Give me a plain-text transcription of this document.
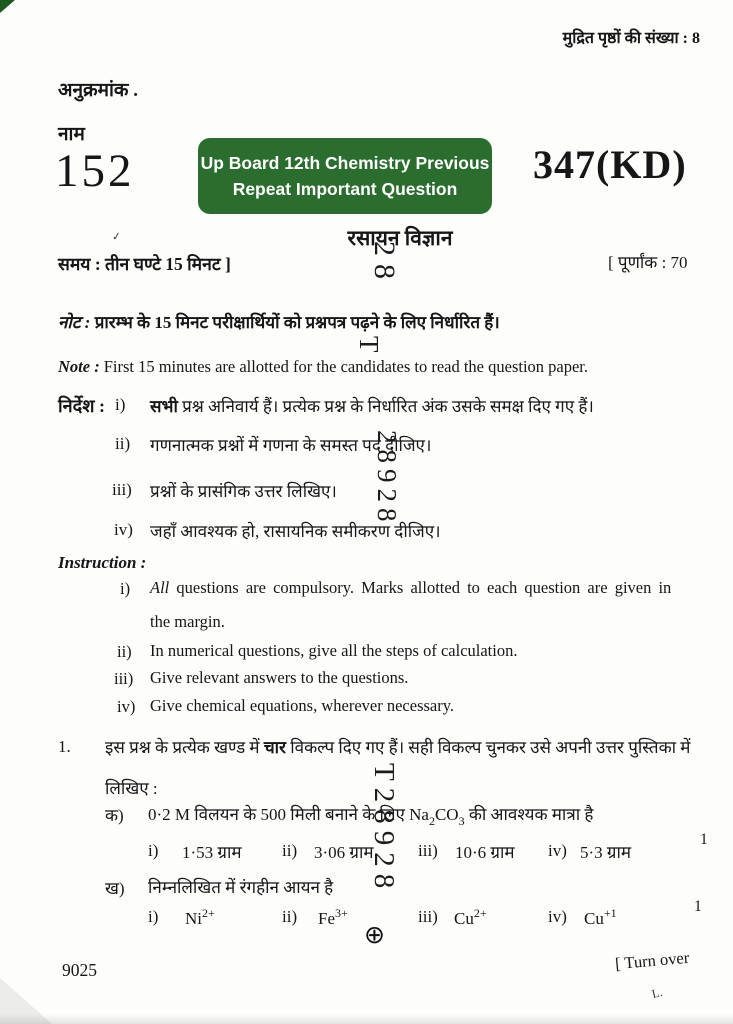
मुद्रित पृष्ठों की संख्या : 8
अनुक्रमांक .
नाम
152	Up Board 12th Chemistry Previous
Repeat Important Question
347(KD)
रसायन विज्ञान
समय : तीन घण्टे 15 मिनट ]	[ पूर्णांक : 70
नोट : प्रारम्भ के 15 मिनट परीक्षार्थियों को प्रश्नपत्र पढ़ने के लिए निर्धारित हैं।
Note : First 15 minutes are allotted for the candidates to read the question paper.
निर्देश : i) सभी प्रश्न अनिवार्य हैं। प्रत्येक प्रश्न के निर्धारित अंक उसके समक्ष दिए गए हैं।
ii) गणनात्मक प्रश्नों में गणना के समस्त पद दीजिए।
iii) प्रश्नों के प्रासंगिक उत्तर लिखिए।
iv) जहाँ आवश्यक हो, रासायनिक समीकरण दीजिए।
Instruction :
i) All questions are compulsory. Marks allotted to each question are given in
the margin.
ii) In numerical questions, give all the steps of calculation.
iii) Give relevant answers to the questions.
iv) Give chemical equations, wherever necessary.
1. इस प्रश्न के प्रत्येक खण्ड में चार विकल्प दिए गए हैं। सही विकल्प चुनकर उसे अपनी उत्तर पुस्तिका में
लिखिए :
क) 0·2 M विलयन के 500 मिली बनाने के लिए $Na_2CO_3$ की आवश्यक मात्रा है
i) 1·53 ग्राम ii) 3·06 ग्राम	iii) 10·6 ग्राम iv) 5·3 ग्राम
1
ख) निम्नलिखित में रंगहीन आयन है
i) $Ni^{2+}$	ii) $Fe^{3+}$	iii) $Cu^{2+}$	iv) $Cu^{+1}$	1
28
T
28928
T28928
⊕
✓
9025	[ Turn over
L.
